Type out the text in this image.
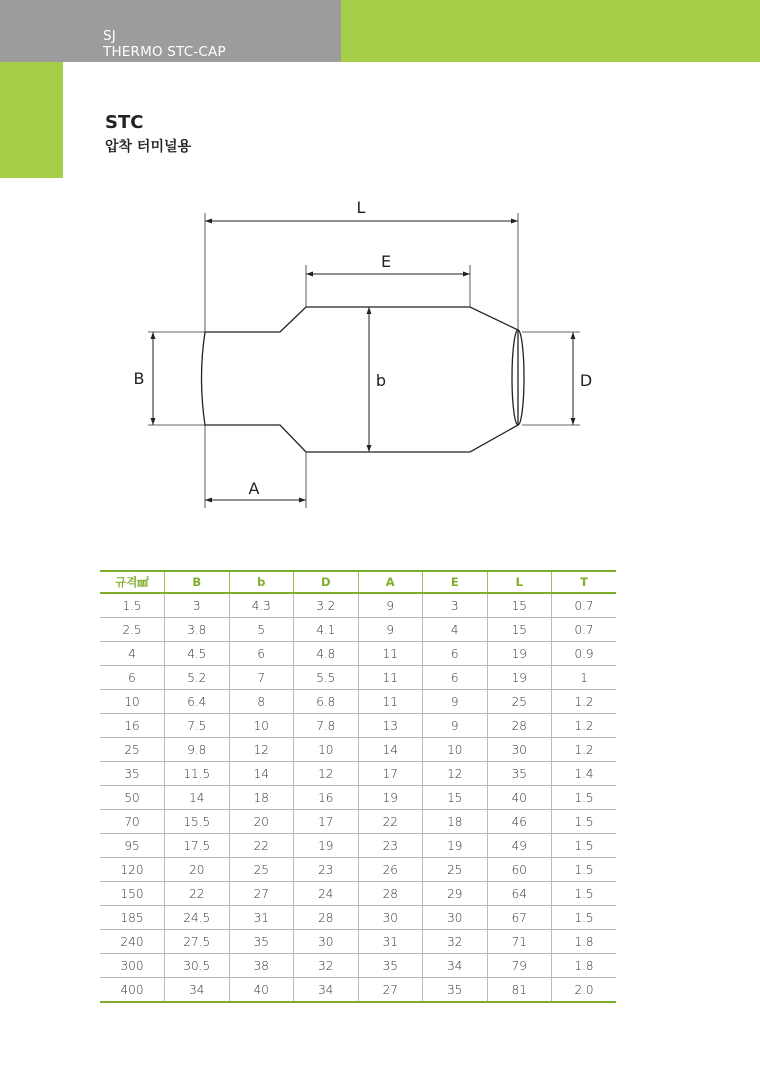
SJ
THERMO STC-CAP
STC
압착 터미널용
L
E
B	b	D
A
규격㎟	B	b	D	A	E	L	T
1.5	3	4.3	3.2	9	3	15	0.7
2.5	3.8	5	4.1	9	4	15	0.7
4	4.5	6	4.8	11	6	19	0.9
6	5.2	7	5.5	11	6	19	1
10	6.4	8	6.8	11	9	25	1.2
16	7.5	10	7.8	13	9	28	1.2
25	9.8	12	10	14	10	30	1.2
35	11.5	14	12	17	12	35	1.4
50	14	18	16	19	15	40	1.5
70	15.5	20	17	22	18	46	1.5
95	17.5	22	19	23	19	49	1.5
120	20	25	23	26	25	60	1.5
150	22	27	24	28	29	64	1.5
185	24.5	31	28	30	30	67	1.5
240	27.5	35	30	31	32	71	1.8
300	30.5	38	32	35	34	79	1.8
400	34	40	34	27	35	81	2.0
